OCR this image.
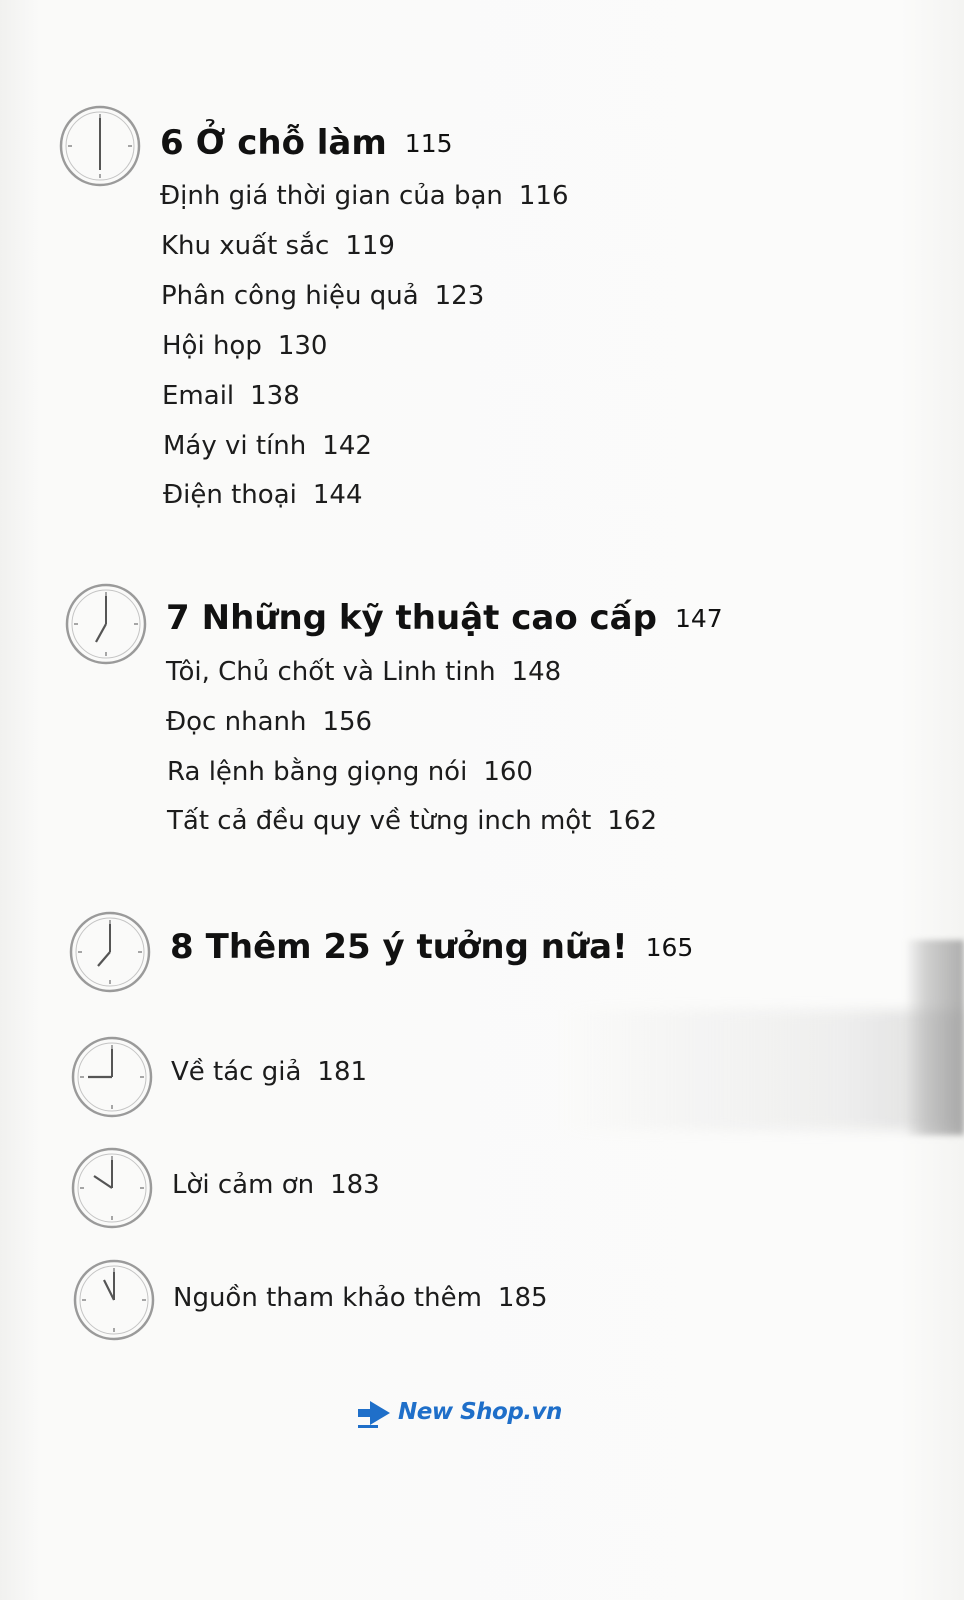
6 Ở chỗ làm 115
Định giá thời gian của bạn 116
Khu xuất sắc 119
Phân công hiệu quả 123
Hội họp 130
Email 138
Máy vi tính 142
Điện thoại 144
7 Những kỹ thuật cao cấp 147
Tôi, Chủ chốt và Linh tinh 148
Đọc nhanh 156
Ra lệnh bằng giọng nói 160
Tất cả đều quy về từng inch một 162
8 Thêm 25 ý tưởng nữa! 165
Về tác giả 181
Lời cảm ơn 183
Nguồn tham khảo thêm 185
New Shop.vn
